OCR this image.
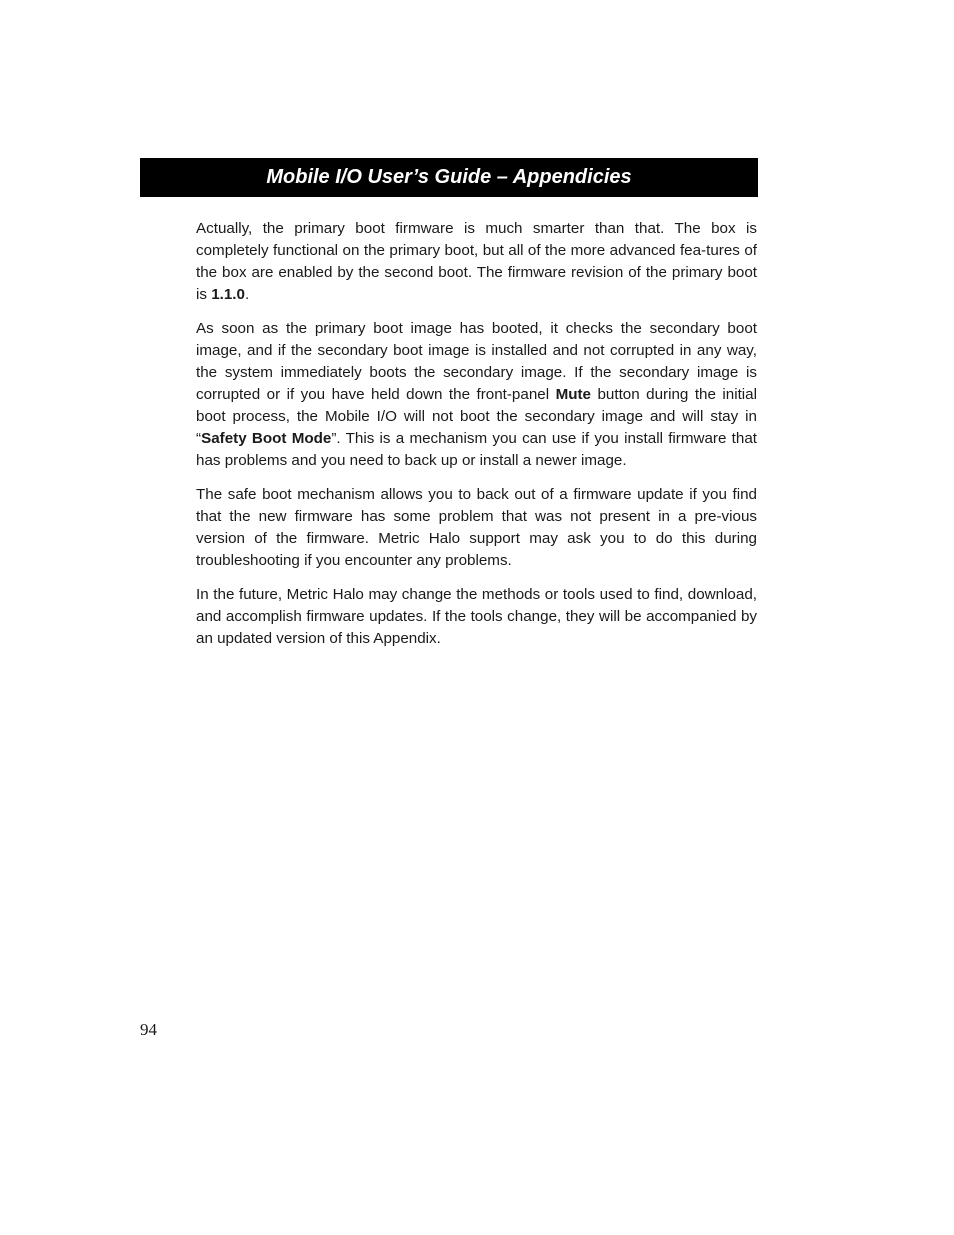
Mobile I/O User’s Guide – Appendicies

Actually, the primary boot firmware is much smarter than that. The box is completely functional on the primary boot, but all of the more advanced fea-tures of the box are enabled by the second boot. The firmware revision of the primary boot is 1.1.0.

As soon as the primary boot image has booted, it checks the secondary boot image, and if the secondary boot image is installed and not corrupted in any way, the system immediately boots the secondary image. If the secondary image is corrupted or if you have held down the front-panel Mute button during the initial boot process, the Mobile I/O will not boot the secondary image and will stay in “Safety Boot Mode”. This is a mechanism you can use if you install firmware that has problems and you need to back up or install a newer image.

The safe boot mechanism allows you to back out of a firmware update if you find that the new firmware has some problem that was not present in a pre-vious version of the firmware. Metric Halo support may ask you to do this during troubleshooting if you encounter any problems.

In the future, Metric Halo may change the methods or tools used to find, download, and accomplish firmware updates. If the tools change, they will be accompanied by an updated version of this Appendix.

94
